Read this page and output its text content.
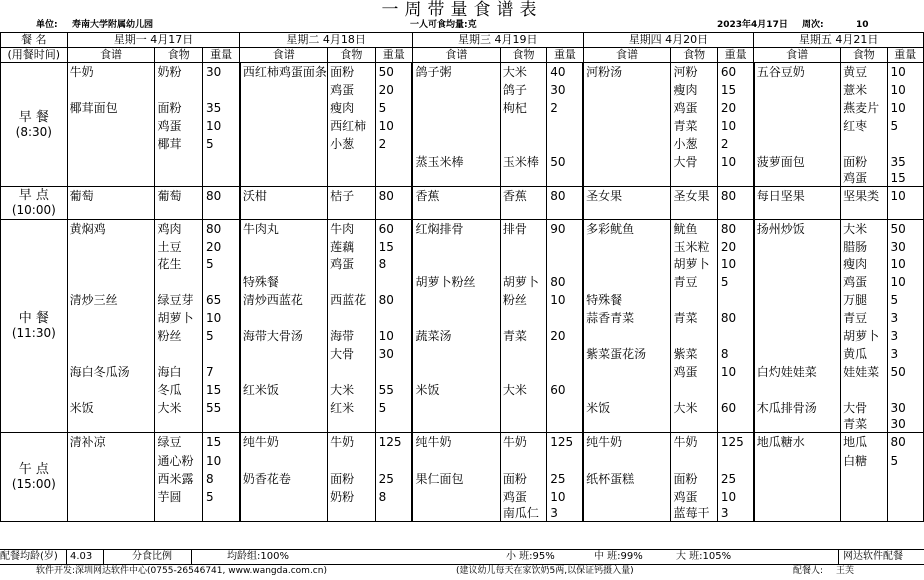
一周带量食谱表
单位: 寿南大学附属幼儿园	一人可食均量:克	2023年4月17日 周次:	10
餐 名	星期一 4月17日			星期二 4月18日			星期三 4月19日			星期四 4月20日			星期五 4月21日		
(用餐时间)	食谱	食物	重量	食谱	食物	重量	食谱	食物	重量	食谱	食物	重量	食谱	食物	重量

早 餐
(8:30)	牛奶	奶粉	30	西红柿鸡蛋面条	面粉	50	鸽子粥	大米	40	河粉汤	河粉	60	五谷豆奶	黄豆	10
					鸡蛋	20		鸽子	30		瘦肉	15		薏米	10
	椰茸面包	面粉	35		瘦肉	5		枸杞	2		鸡蛋	20		燕麦片	10
		鸡蛋	10		西红柿	10					青菜	10		红枣	5
		椰茸	5		小葱	2					小葱	2			
							蒸玉米棒	玉米棒	50		大骨	10	菠萝面包	面粉	35
														鸡蛋	15

早 点
(10:00)	葡萄	葡萄	80	沃柑	桔子	80	香蕉	香蕉	80	圣女果	圣女果	80	每日坚果	坚果类	10

中 餐
(11:30)	黄焖鸡	鸡肉	80	牛肉丸	牛肉	60	红焖排骨	排骨	90	多彩鱿鱼	鱿鱼	80	扬州炒饭	大米	50
		土豆	20		莲藕	15					玉米粒	20		腊肠	30
		花生	5		鸡蛋	8					胡萝卜	10		瘦肉	10
				特殊餐			胡萝卜粉丝	胡萝卜	80		青豆	5		鸡蛋	10
	清炒三丝	绿豆芽	65	清炒西蓝花	西蓝花	80		粉丝	10	特殊餐				万腿	5
		胡萝卜	10							蒜香青菜	青菜	80		青豆	3
		粉丝	5	海带大骨汤	海带	10	蔬菜汤	青菜	20					胡萝卜	3
					大骨	30				紫菜蛋花汤	紫菜	8		黄瓜	3
	海白冬瓜汤	海白	7								鸡蛋	10	白灼娃娃菜	娃娃菜	50
		冬瓜	15	红米饭	大米	55	米饭	大米	60						
	米饭	大米	55		红米	5				米饭	大米	60	木瓜排骨汤	大骨	30
														青菜	30

午 点
(15:00)	清补凉	绿豆	15	纯牛奶	牛奶	125	纯牛奶	牛奶	125	纯牛奶	牛奶	125	地瓜糖水	地瓜	80
		通心粉	10											白糖	5
		西米露	8	奶香花卷	面粉	25	果仁面包	面粉	25	纸杯蛋糕	面粉	25			
		芋圆	5		奶粉	8		鸡蛋	10		鸡蛋	10			
								南瓜仁	3		蓝莓干	3			
配餐均龄(岁) 4.03	分食比例	均龄组:100%	小 班:95%	中 班:99%	大 班:105%	网达软件配餐
软件开发:深圳网达软件中心(0755-26546741, www.wangda.com.cn)	(建议幼儿每天在家饮奶5两,以保证钙摄入量)	配餐人: 王芙
